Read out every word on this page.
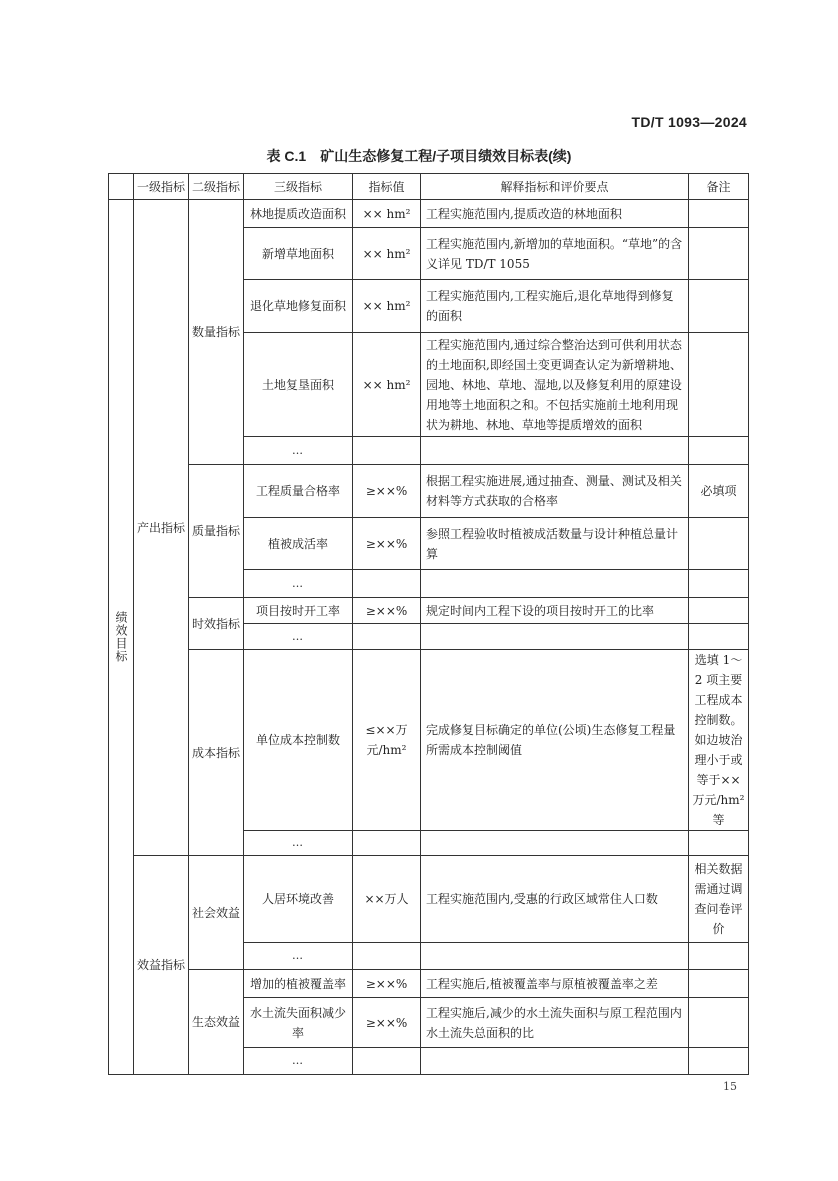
TD/T 1093—2024
表 C.1　矿山生态修复工程/子项目绩效目标表(续)
	一级指标	二级指标	三级指标	指标值	解释指标和评价要点	备注
绩效目标	产出指标	数量指标	林地提质改造面积	×× hm²	工程实施范围内,提质改造的林地面积	
			新增草地面积	×× hm²	工程实施范围内,新增加的草地面积。“草地”的含义详见 TD/T 1055	
			退化草地修复面积	×× hm²	工程实施范围内,工程实施后,退化草地得到修复的面积	
			土地复垦面积	×× hm²	工程实施范围内,通过综合整治达到可供利用状态的土地面积,即经国土变更调查认定为新增耕地、园地、林地、草地、湿地,以及修复利用的原建设用地等土地面积之和。不包括实施前土地利用现状为耕地、林地、草地等提质增效的面积	
			…			
		质量指标	工程质量合格率	≥××%	根据工程实施进展,通过抽查、测量、测试及相关材料等方式获取的合格率	必填项
			植被成活率	≥××%	参照工程验收时植被成活数量与设计种植总量计算	
			…			
		时效指标	项目按时开工率	≥××%	规定时间内工程下设的项目按时开工的比率	
			…			
		成本指标	单位成本控制数	≤××万元/hm²	完成修复目标确定的单位(公顷)生态修复工程量所需成本控制阈值	选填 1～2 项主要工程成本控制数。如边坡治理小于或等于××万元/hm² 等
			…			
	效益指标	社会效益	人居环境改善	××万人	工程实施范围内,受惠的行政区域常住人口数	相关数据需通过调查问卷评价
			…			
		生态效益	增加的植被覆盖率	≥××%	工程实施后,植被覆盖率与原植被覆盖率之差	
			水土流失面积减少率	≥××%	工程实施后,减少的水土流失面积与原工程范围内水土流失总面积的比	
			…			
15
